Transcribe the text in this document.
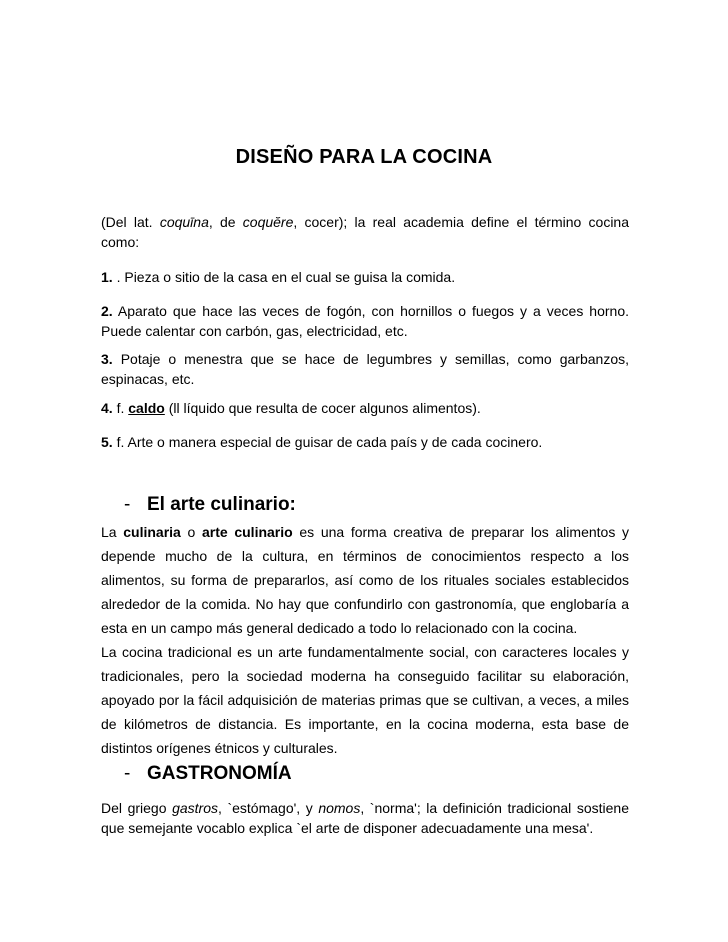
DISEÑO PARA LA COCINA
(Del lat. coquīna, de coquĕre, cocer); la real academia define el término cocina como:
1. . Pieza o sitio de la casa en el cual se guisa la comida.
2. Aparato que hace las veces de fogón, con hornillos o fuegos y a veces horno. Puede calentar con carbón, gas, electricidad, etc.
3. Potaje o menestra que se hace de legumbres y semillas, como garbanzos, espinacas, etc.
4. f. caldo (ll líquido que resulta de cocer algunos alimentos).
5. f. Arte o manera especial de guisar de cada país y de cada cocinero.
- El arte culinario:
La culinaria o arte culinario es una forma creativa de preparar los alimentos y depende mucho de la cultura, en términos de conocimientos respecto a los alimentos, su forma de prepararlos, así como de los rituales sociales establecidos alrededor de la comida. No hay que confundirlo con gastronomía, que englobaría a esta en un campo más general dedicado a todo lo relacionado con la cocina.
La cocina tradicional es un arte fundamentalmente social, con caracteres locales y tradicionales, pero la sociedad moderna ha conseguido facilitar su elaboración, apoyado por la fácil adquisición de materias primas que se cultivan, a veces, a miles de kilómetros de distancia. Es importante, en la cocina moderna, esta base de distintos orígenes étnicos y culturales.
- GASTRONOMÍA
Del griego gastros, `estómago', y nomos, `norma'; la definición tradicional sostiene que semejante vocablo explica `el arte de disponer adecuadamente una mesa'.
